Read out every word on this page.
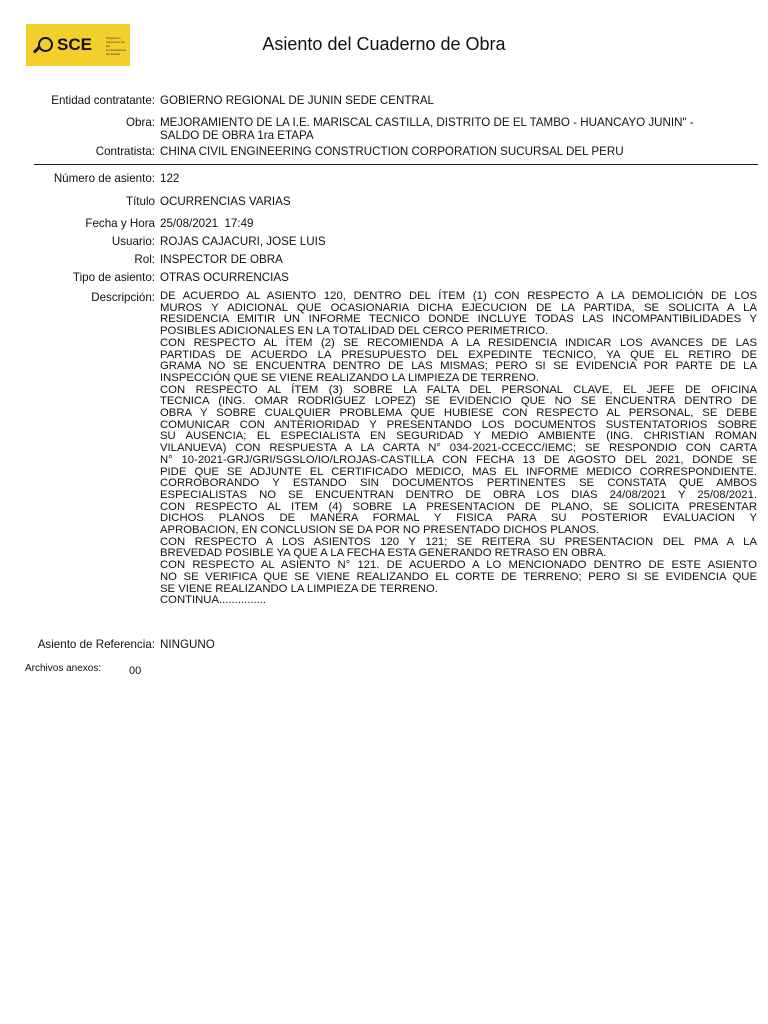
SCE	Organismo Supervisor de las Contrataciones del Estado	Asiento del Cuaderno de Obra
Entidad contratante: GOBIERNO REGIONAL DE JUNIN SEDE CENTRAL
Obra: MEJORAMIENTO DE LA I.E. MARISCAL CASTILLA, DISTRITO DE EL TAMBO - HUANCAYO JUNIN" -
SALDO DE OBRA 1ra ETAPA
Contratista: CHINA CIVIL ENGINEERING CONSTRUCTION CORPORATION SUCURSAL DEL PERU
Número de asiento: 122
Título OCURRENCIAS VARIAS
Fecha y Hora 25/08/2021  17:49
Usuario: ROJAS CAJACURI, JOSE LUIS
Rol: INSPECTOR DE OBRA
Tipo de asiento: OTRAS OCURRENCIAS
Descripción: DE ACUERDO AL ASIENTO 120, DENTRO DEL ÍTEM (1) CON RESPECTO A LA DEMOLICIÓN DE LOS
MUROS Y ADICIONAL QUE OCASIONARIA DICHA EJECUCION DE LA PARTIDA, SE SOLICITA A LA
RESIDENCIA EMITIR UN INFORME TECNICO DONDE INCLUYE TODAS LAS INCOMPANTIBILIDADES Y
POSIBLES ADICIONALES EN LA TOTALIDAD DEL CERCO PERIMETRICO.
CON RESPECTO AL ÍTEM (2) SE RECOMIENDA A LA RESIDENCIA INDICAR LOS AVANCES DE LAS
PARTIDAS DE ACUERDO LA PRESUPUESTO DEL EXPEDINTE TECNICO, YA QUE EL RETIRO DE
GRAMA NO SE ENCUENTRA DENTRO DE LAS MISMAS; PERO SI SE EVIDENCIA POR PARTE DE LA
INSPECCIÓN QUE SE VIENE REALIZANDO LA LIMPIEZA DE TERRENO.
CON RESPECTO AL ÍTEM (3) SOBRE LA FALTA DEL PERSONAL CLAVE, EL JEFE DE OFICINA
TECNICA (ING. OMAR RODRIGUEZ LOPEZ) SE EVIDENCIO QUE NO SE ENCUENTRA DENTRO DE
OBRA Y SOBRE CUALQUIER PROBLEMA QUE HUBIESE CON RESPECTO AL PERSONAL, SE DEBE
COMUNICAR CON ANTERIORIDAD Y PRESENTANDO LOS DOCUMENTOS SUSTENTATORIOS SOBRE
SU AUSENCIA; EL ESPECIALISTA EN SEGURIDAD Y MEDIO AMBIENTE (ING. CHRISTIAN ROMAN
VILANUEVA) CON RESPUESTA A LA CARTA N° 034-2021-CCECC/IEMC; SE RESPONDIO CON CARTA
N° 10-2021-GRJ/GRI/SGSLO/IO/LROJAS-CASTILLA CON FECHA 13 DE AGOSTO DEL 2021, DONDE SE
PIDE QUE SE ADJUNTE EL CERTIFICADO MEDICO, MAS EL INFORME MEDICO CORRESPONDIENTE.
CORROBORANDO Y ESTANDO SIN DOCUMENTOS PERTINENTES SE CONSTATA QUE AMBOS
ESPECIALISTAS NO SE ENCUENTRAN DENTRO DE OBRA LOS DIAS 24/08/2021 Y 25/08/2021.
CON RESPECTO AL ITEM (4) SOBRE LA PRESENTACION DE PLANO, SE SOLICITA PRESENTAR
DICHOS PLANOS DE MANERA FORMAL Y FISICA PARA SU POSTERIOR EVALUACION Y
APROBACION, EN CONCLUSION SE DA POR NO PRESENTADO DICHOS PLANOS.
CON RESPECTO A LOS ASIENTOS 120 Y 121; SE REITERA SU PRESENTACION DEL PMA A LA
BREVEDAD POSIBLE YA QUE A LA FECHA ESTA GENERANDO RETRASO EN OBRA.
CON RESPECTO AL ASIENTO N° 121. DE ACUERDO A LO MENCIONADO DENTRO DE ESTE ASIENTO
NO SE VERIFICA QUE SE VIENE REALIZANDO EL CORTE DE TERRENO; PERO SI SE EVIDENCIA QUE
SE VIENE REALIZANDO LA LIMPIEZA DE TERRENO.
CONTINUA...............
Asiento de Referencia: NINGUNO
Archivos anexos:	00
